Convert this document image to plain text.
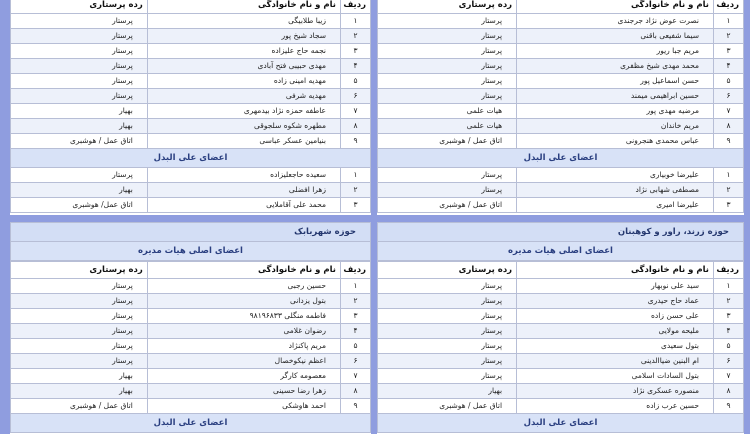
ردیف	نام و نام خانوادگی	رده پرستاری
۱	نصرت عوض نژاد جرجندی	پرستار
۲	سیما شفیعی باقنی	پرستار
۳	مریم جبا ریور	پرستار
۴	محمد مهدی شیخ مظفری	پرستار
۵	حسن اسماعیل پور	پرستار
۶	حسین ابراهیمی میمند	پرستار
۷	مرضیه مهدی پور	هیات علمی
۸	مریم خاندان	هیات علمی
۹	عباس محمدی هنجرونی	اتاق عمل / هوشبری
اعضای علی البدل		
۱	علیرضا خوبیاری	پرستار
۲	مصطفی شهابی نژاد	پرستار
۳	علیرضا امیری	اتاق عمل / هوشبری
ردیف	نام و نام خانوادگی	رده پرستاری
۱	زیبا طلابیگی	پرستار
۲	سجاد شیخ پور	پرستار
۳	نجمه حاج علیزاده	پرستار
۴	مهدی حبیبی فتح آبادی	پرستار
۵	مهدیه امینی زاده	پرستار
۶	مهدیه شرفی	پرستار
۷	عاطفه حمزه نژاد بیدمهری	بهیار
۸	مطهره شکوه سلجوقی	بهیار
۹	بنیامین عسکر عباسی	اتاق عمل / هوشبری
اعضای علی البدل		
۱	سعیده حاجعلیزاده	پرستار
۲	زهرا افضلی	بهیار
۳	محمد علی آقاملایی	اتاق عمل/ هوشبری
حوزه زرند، راور و کوهبنان
اعضای اصلی هیات مدیره
ردیف	نام و نام خانوادگی	رده پرستاری
۱	سید علی نوبهار	پرستار
۲	عماد حاج حیدری	پرستار
۳	علی حسن زاده	پرستار
۴	ملیحه مولایی	پرستار
۵	بتول سعیدی	پرستار
۶	ام البنین ضیاالدینی	پرستار
۷	بتول السادات اسلامی	پرستار
۸	منصوره عسکری نژاد	بهیار
۹	حسین عرب زاده	اتاق عمل / هوشبری
اعضای علی البدل		
حوزه شهربابک
اعضای اصلی هیات مدیره
ردیف	نام و نام خانوادگی	رده پرستاری
۱	حسین رجبی	پرستار
۲	بتول یزدانی	پرستار
۳	فاطمه منگلی ۹۸۱۹۶۸۳۳	پرستار
۴	رضوان غلامی	پرستار
۵	مریم پاکنژاد	پرستار
۶	اعظم نیکوخصال	پرستار
۷	معصومه کارگر	بهیار
۸	زهرا رضا حسینی	بهیار
۹	احمد هاوشکی	اتاق عمل / هوشبری
اعضای علی البدل		
